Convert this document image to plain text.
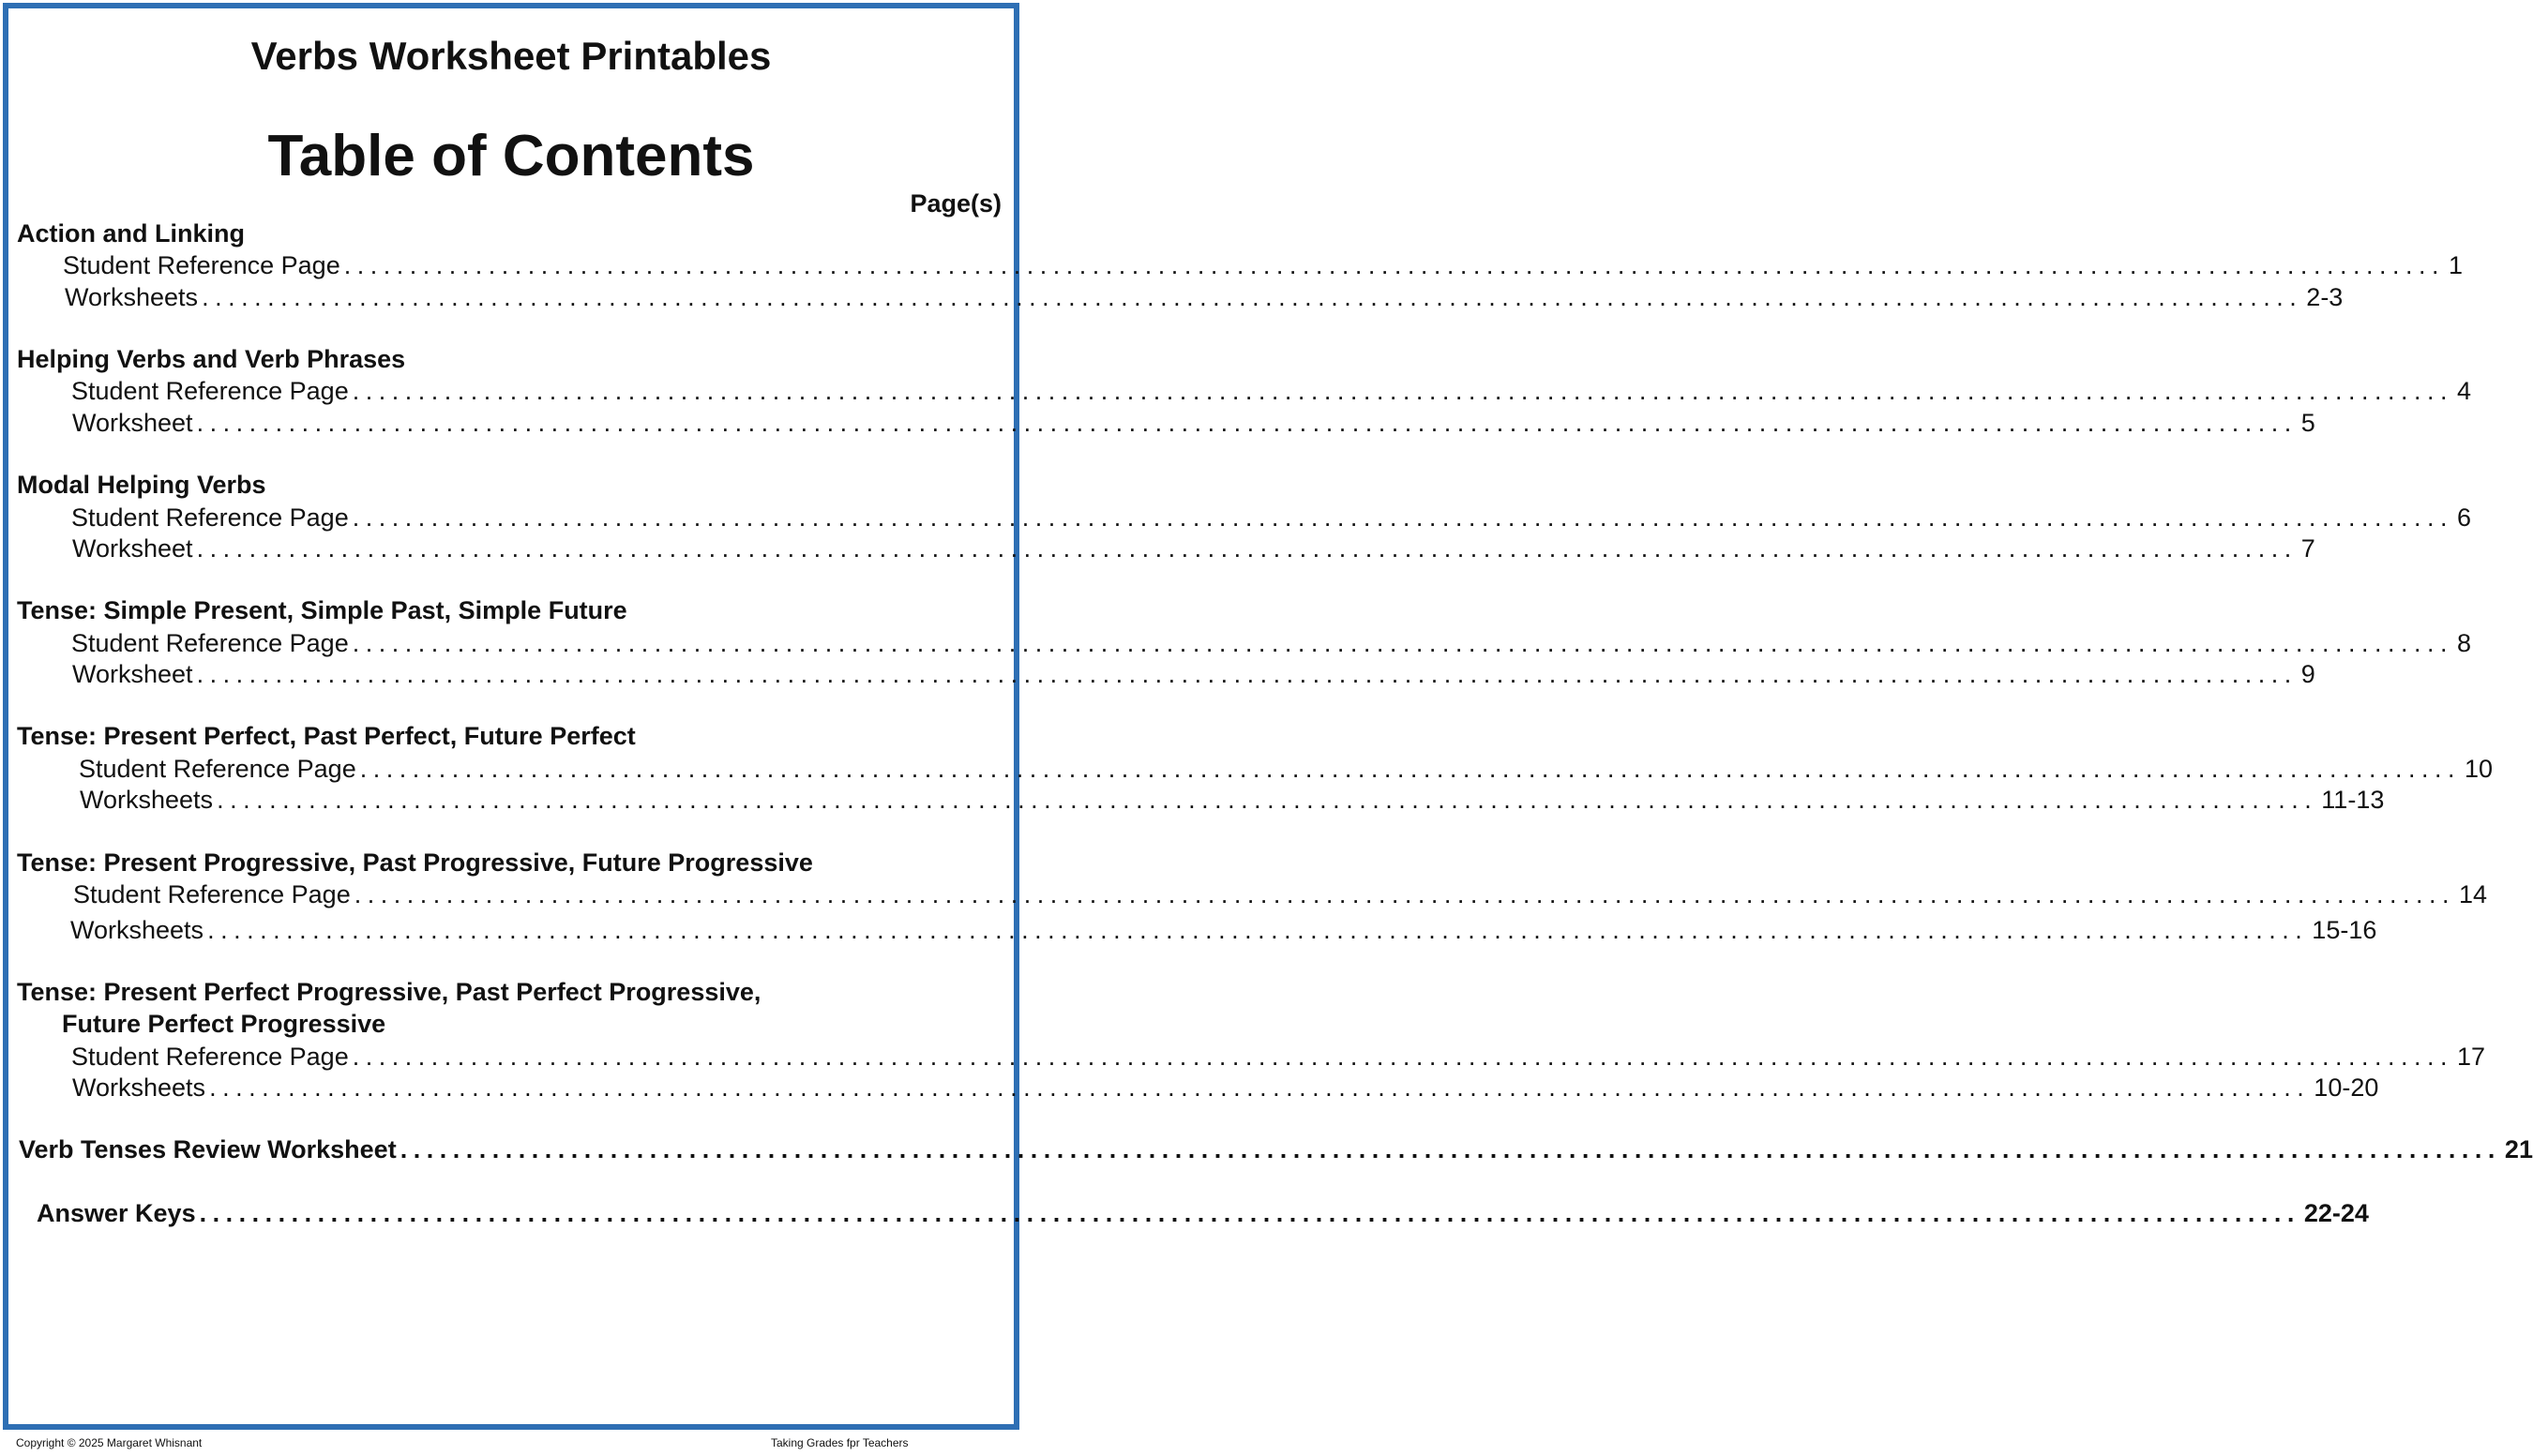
Verbs Worksheet Printables
Table of Contents
Page(s)
Action and Linking
Student Reference Page ................................................................................................................................................................ 1
Worksheets ................................................................................................................................................................ 2-3
Helping Verbs and Verb Phrases
Student Reference Page ................................................................................................................................................................ 4
Worksheet ................................................................................................................................................................ 5
Modal Helping Verbs
Student Reference Page ................................................................................................................................................................ 6
Worksheet ................................................................................................................................................................ 7
Tense: Simple Present, Simple Past, Simple Future
Student Reference Page ................................................................................................................................................................ 8
Worksheet ................................................................................................................................................................ 9
Tense: Present Perfect, Past Perfect, Future Perfect
Student Reference Page ................................................................................................................................................................ 10
Worksheets ................................................................................................................................................................ 11-13
Tense: Present Progressive, Past Progressive, Future Progressive
Student Reference Page ................................................................................................................................................................ 14
Worksheets ................................................................................................................................................................ 15-16
Tense: Present Perfect Progressive, Past Perfect Progressive,
Future Perfect Progressive
Student Reference Page ................................................................................................................................................................ 17
Worksheets ................................................................................................................................................................ 10-20
Verb Tenses Review Worksheet ................................................................................................................................................................ 21
Answer Keys ................................................................................................................................................................ 22-24
Copyright © 2025 Margaret Whisnant	Taking Grades fpr Teachers
